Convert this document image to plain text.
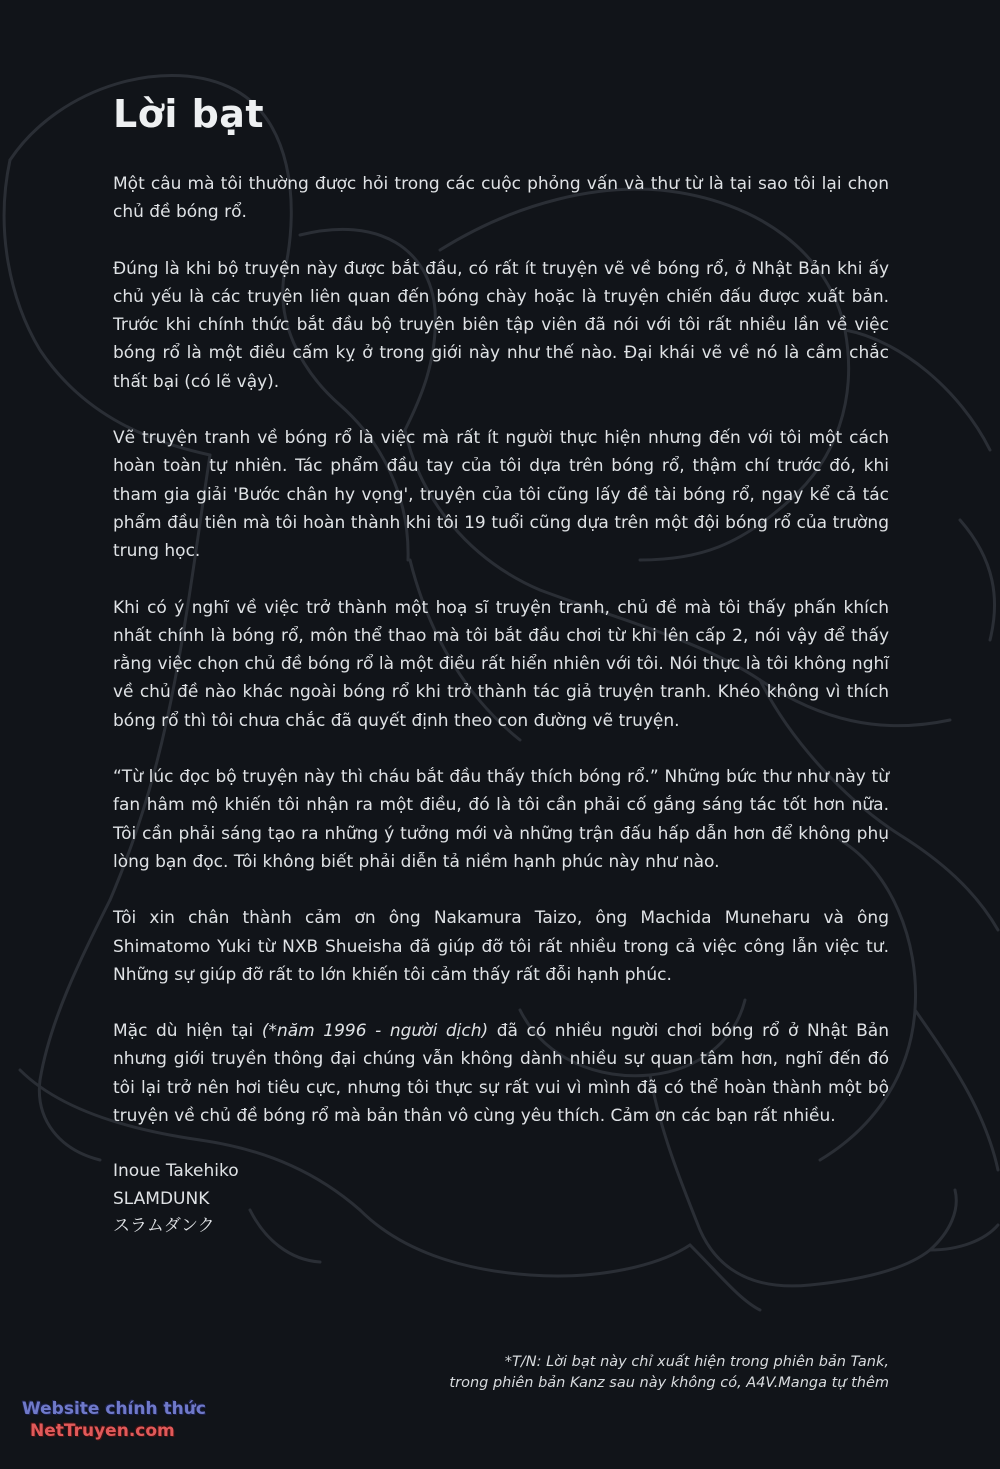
Lời bạt

Một câu mà tôi thường được hỏi trong các cuộc phỏng vấn và thư từ là tại sao tôi lại chọn chủ đề bóng rổ.

Đúng là khi bộ truyện này được bắt đầu, có rất ít truyện vẽ về bóng rổ, ở Nhật Bản khi ấy chủ yếu là các truyện liên quan đến bóng chày hoặc là truyện chiến đấu được xuất bản. Trước khi chính thức bắt đầu bộ truyện biên tập viên đã nói với tôi rất nhiều lần về việc bóng rổ là một điều cấm kỵ ở trong giới này như thế nào. Đại khái vẽ về nó là cầm chắc thất bại (có lẽ vậy).

Vẽ truyện tranh về bóng rổ là việc mà rất ít người thực hiện nhưng đến với tôi một cách hoàn toàn tự nhiên. Tác phẩm đầu tay của tôi dựa trên bóng rổ, thậm chí trước đó, khi tham gia giải 'Bước chân hy vọng', truyện của tôi cũng lấy đề tài bóng rổ, ngay kể cả tác phẩm đầu tiên mà tôi hoàn thành khi tôi 19 tuổi cũng dựa trên một đội bóng rổ của trường trung học.

Khi có ý nghĩ về việc trở thành một hoạ sĩ truyện tranh, chủ đề mà tôi thấy phấn khích nhất chính là bóng rổ, môn thể thao mà tôi bắt đầu chơi từ khi lên cấp 2, nói vậy để thấy rằng việc chọn chủ đề bóng rổ là một điều rất hiển nhiên với tôi. Nói thực là tôi không nghĩ về chủ đề nào khác ngoài bóng rổ khi trở thành tác giả truyện tranh. Khéo không vì thích bóng rổ thì tôi chưa chắc đã quyết định theo con đường vẽ truyện.

“Từ lúc đọc bộ truyện này thì cháu bắt đầu thấy thích bóng rổ.” Những bức thư như này từ fan hâm mộ khiến tôi nhận ra một điều, đó là tôi cần phải cố gắng sáng tác tốt hơn nữa. Tôi cần phải sáng tạo ra những ý tưởng mới và những trận đấu hấp dẫn hơn để không phụ lòng bạn đọc. Tôi không biết phải diễn tả niềm hạnh phúc này như nào.

Tôi xin chân thành cảm ơn ông Nakamura Taizo, ông Machida Muneharu và ông Shimatomo Yuki từ NXB Shueisha đã giúp đỡ tôi rất nhiều trong cả việc công lẫn việc tư. Những sự giúp đỡ rất to lớn khiến tôi cảm thấy rất đỗi hạnh phúc.

Mặc dù hiện tại (*năm 1996 - người dịch) đã có nhiều người chơi bóng rổ ở Nhật Bản nhưng giới truyền thông đại chúng vẫn không dành nhiều sự quan tâm hơn, nghĩ đến đó tôi lại trở nên hơi tiêu cực, nhưng tôi thực sự rất vui vì mình đã có thể hoàn thành một bộ truyện về chủ đề bóng rổ mà bản thân vô cùng yêu thích. Cảm ơn các bạn rất nhiều.

Inoue Takehiko
SLAMDUNK
スラムダンク
*T/N: Lời bạt này chỉ xuất hiện trong phiên bản Tank,
trong phiên bản Kanz sau này không có, A4V.Manga tự thêm
Website chính thức
NetTruyen.com
